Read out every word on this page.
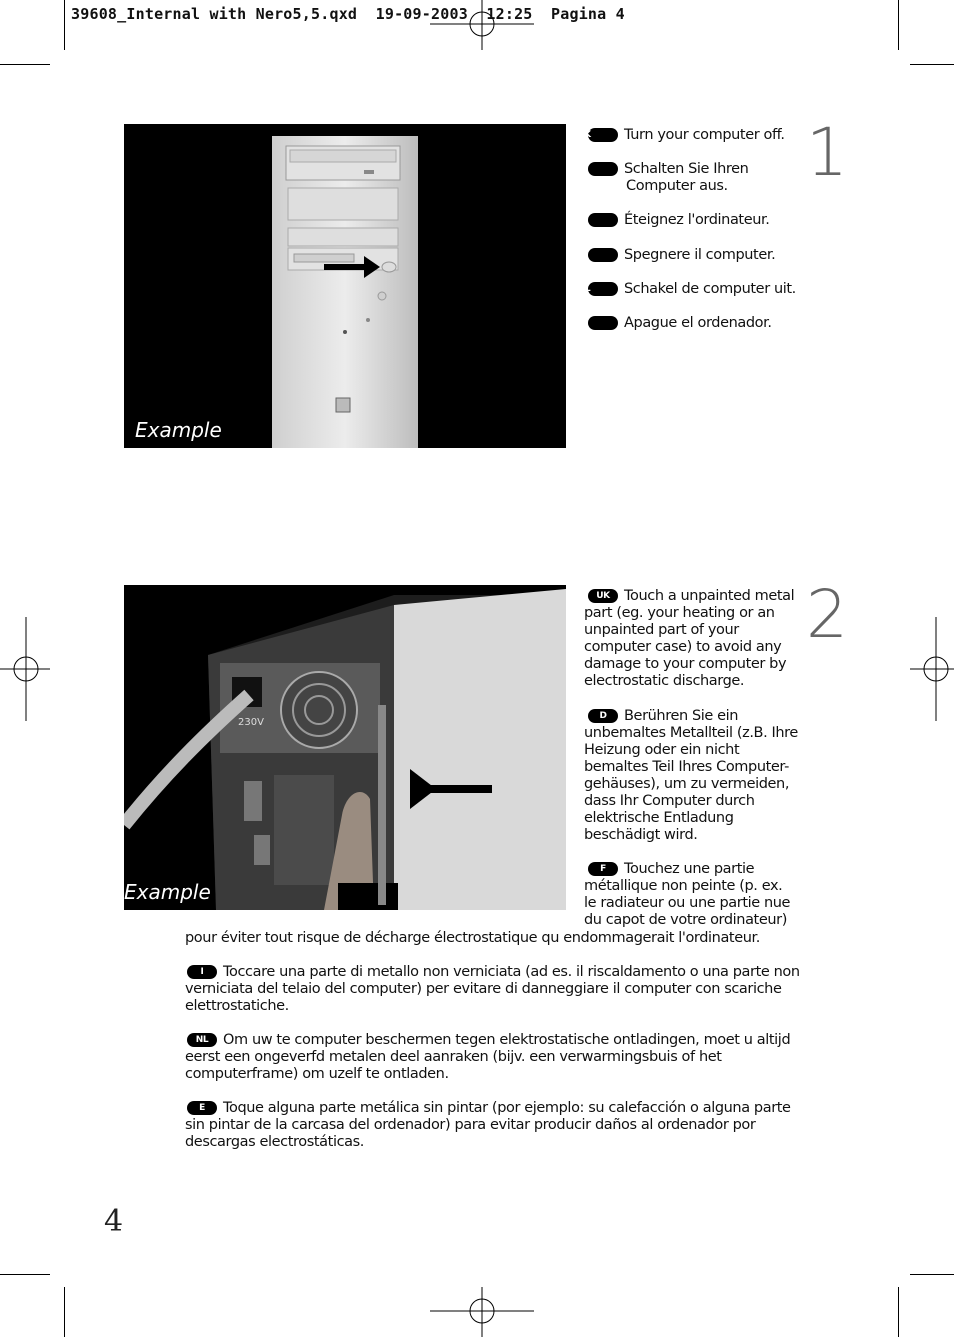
39608_Internal with Nero5,5.qxd  19-09-2003  12:25  Pagina 4
Example
1
UK Turn your computer off.
D	Schalten Sie Ihren Computer aus.
F	Éteignez l'ordinateur.
I	Spegnere il computer.
NL Schakel de computer uit.
E	Apague el ordenador.
230V
Example
2
UK Touch a unpainted metal part (eg. your heating or an unpainted part of your computer case) to avoid any damage to your computer by electrostatic discharge.
D Berühren Sie ein unbemaltes Metallteil (z.B. Ihre Heizung oder ein nicht bemaltes Teil Ihres Computer-gehäuses), um zu vermeiden, dass Ihr Computer durch elektrische Entladung beschädigt wird.
F Touchez une partie métallique non peinte (p. ex. le radiateur ou une partie nue du capot de votre ordinateur)
pour éviter tout risque de décharge électrostatique qu endommagerait l'ordinateur.
I Toccare una parte di metallo non verniciata (ad es. il riscaldamento o una parte non verniciata del telaio del computer) per evitare di danneggiare il computer con scariche elettrostatiche.
NL Om uw te computer beschermen tegen elektrostatische ontladingen, moet u altijd eerst een ongeverfd metalen deel aanraken (bijv. een verwarmingsbuis of het computerframe) om uzelf te ontladen.
E Toque alguna parte metálica sin pintar (por ejemplo: su calefacción o alguna parte sin pintar de la carcasa del ordenador) para evitar producir daños al ordenador por descargas electrostáticas.
4
